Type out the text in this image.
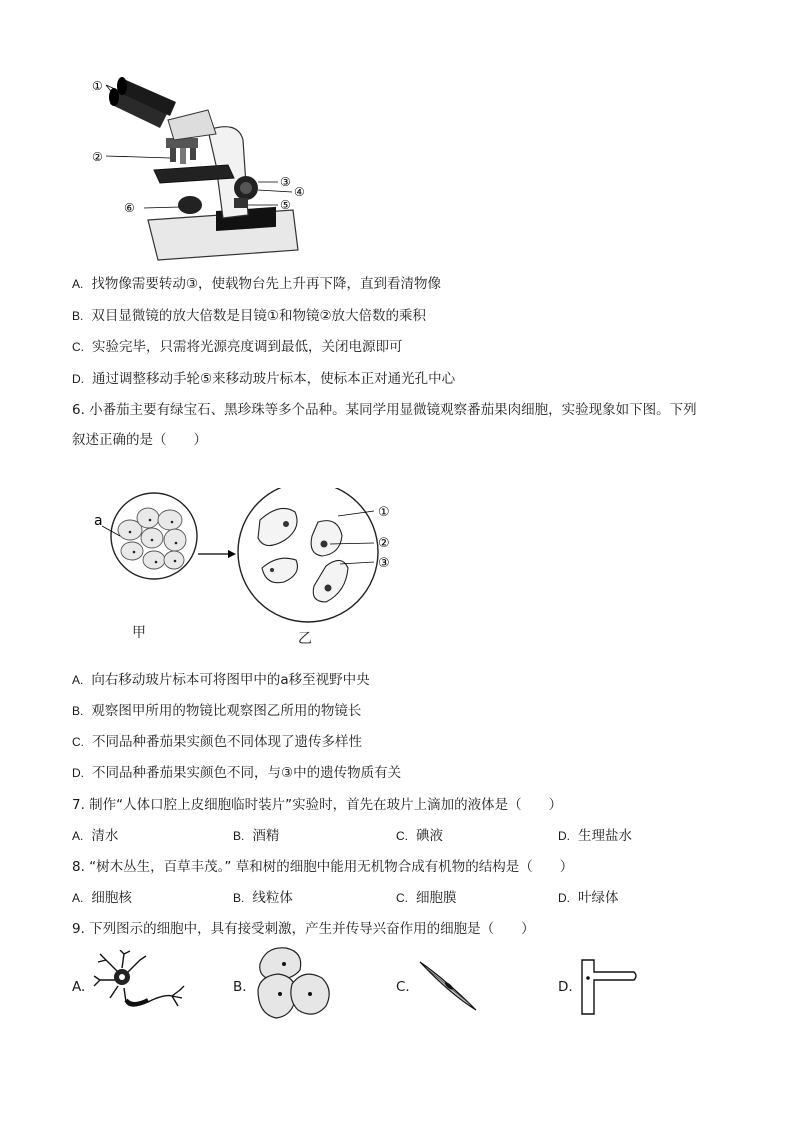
①
②
③
④
⑤
⑥
A. 找物像需要转动③，使载物台先上升再下降，直到看清物像
B. 双目显微镜的放大倍数是目镜①和物镜②放大倍数的乘积
C. 实验完毕，只需将光源亮度调到最低，关闭电源即可
D. 通过调整移动手轮⑤来移动玻片标本，使标本正对通光孔中心
6. 小番茄主要有绿宝石、黑珍珠等多个品种。某同学用显微镜观察番茄果肉细胞，实验现象如下图。下列
叙述正确的是（　　）
a
①
②
③
甲	乙
A. 向右移动玻片标本可将图甲中的a移至视野中央
B. 观察图甲所用的物镜比观察图乙所用的物镜长
C. 不同品种番茄果实颜色不同体现了遗传多样性
D. 不同品种番茄果实颜色不同，与③中的遗传物质有关
7. 制作“人体口腔上皮细胞临时装片”实验时，首先在玻片上滴加的液体是（　　）
A. 清水	B. 酒精	C. 碘液	D. 生理盐水
8. “树木丛生，百草丰茂。” 草和树的细胞中能用无机物合成有机物的结构是（　　）
A. 细胞核	B. 线粒体	C. 细胞膜	D. 叶绿体
9. 下列图示的细胞中，具有接受刺激，产生并传导兴奋作用的细胞是（　　）
A.	B.	C.	D.
